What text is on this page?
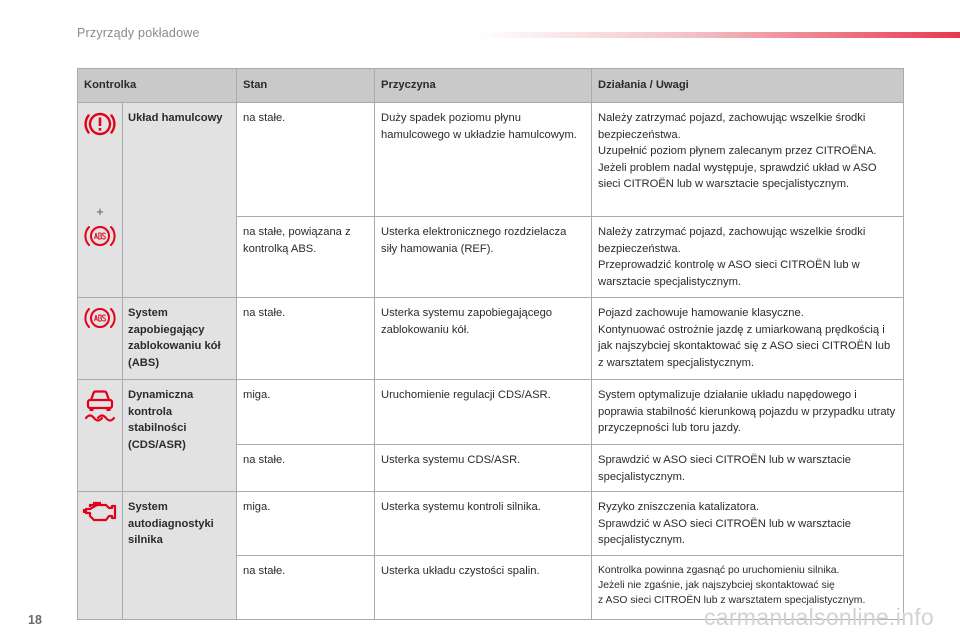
Przyrządy pokładowe
Kontrolka		Stan	Przyczyna	Działania / Uwagi

+	Układ hamulcowy	na stałe.	Duży spadek poziomu płynu hamulcowego w układzie hamulcowym.	Należy zatrzymać pojazd, zachowując wszelkie środki bezpieczeństwa.
Uzupełnić poziom płynem zalecanym przez CITROËNA.
Jeżeli problem nadal występuje, sprawdzić układ w ASO sieci CITROËN lub w warsztacie specjalistycznym.

		na stałe, powiązana z kontrolką ABS.	Usterka elektronicznego rozdzielacza siły hamowania (REF).	Należy zatrzymać pojazd, zachowując wszelkie środki bezpieczeństwa.
Przeprowadzić kontrolę w ASO sieci CITROËN lub w warsztacie specjalistycznym.

	System zapobiegający zablokowaniu kół (ABS)	na stałe.	Usterka systemu zapobiegającego zablokowaniu kół.	Pojazd zachowuje hamowanie klasyczne.
Kontynuować ostrożnie jazdę z umiarkowaną prędkością i jak najszybciej skontaktować się z ASO sieci CITROËN lub z warsztatem specjalistycznym.

	Dynamiczna kontrola stabilności (CDS/ASR)	miga.	Uruchomienie regulacji CDS/ASR.	System optymalizuje działanie układu napędowego i poprawia stabilność kierunkową pojazdu w przypadku utraty przyczepności lub toru jazdy.

		na stałe.	Usterka systemu CDS/ASR.	Sprawdzić w ASO sieci CITROËN lub w warsztacie specjalistycznym.

	System autodiagnostyki silnika	miga.	Usterka systemu kontroli silnika.	Ryzyko zniszczenia katalizatora.
Sprawdzić w ASO sieci CITROËN lub w warsztacie specjalistycznym.

		na stałe.	Usterka układu czystości spalin.	Kontrolka powinna zgasnąć po uruchomieniu silnika.
Jeżeli nie zgaśnie, jak najszybciej skontaktować się
z ASO sieci CITROËN lub z warsztatem specjalistycznym.
18	carmanualsonline.info
